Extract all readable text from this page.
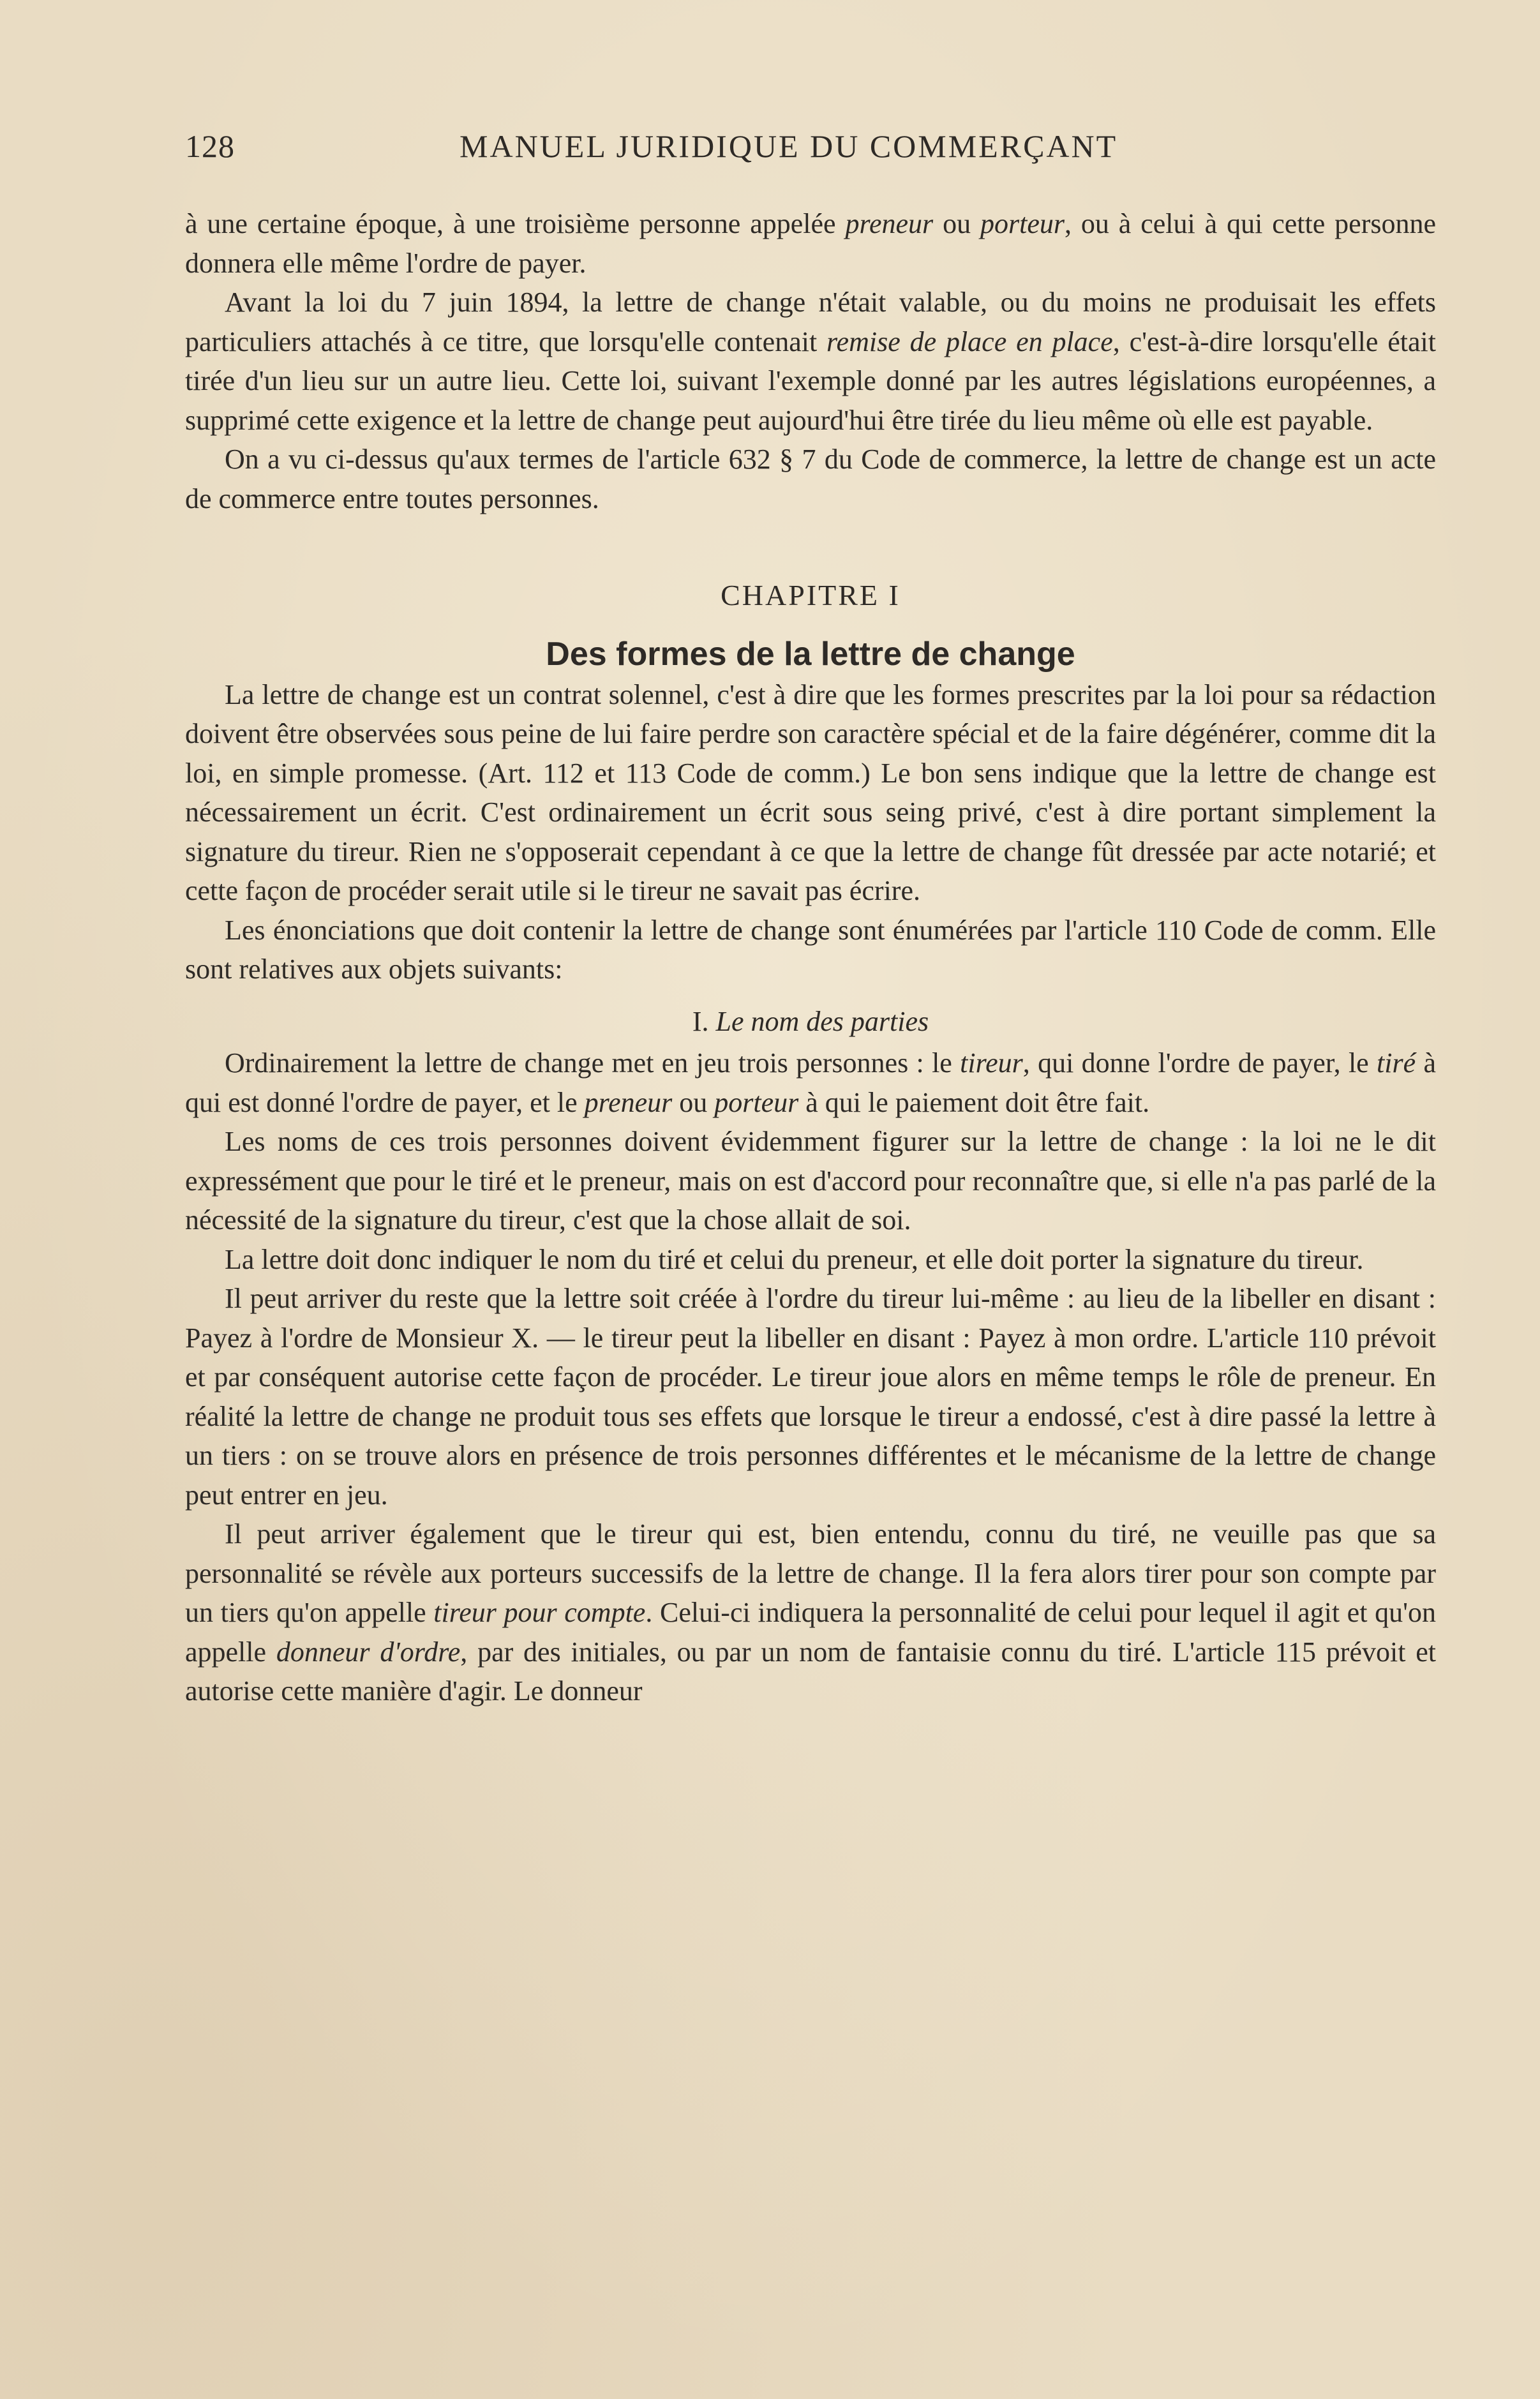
128	MANUEL JURIDIQUE DU COMMERÇANT

à une certaine époque, à une troisième personne appelée preneur ou porteur, ou à celui à qui cette personne donnera elle même l'ordre de payer.

Avant la loi du 7 juin 1894, la lettre de change n'était valable, ou du moins ne produisait les effets particuliers attachés à ce titre, que lorsqu'elle contenait remise de place en place, c'est-à-dire lorsqu'elle était tirée d'un lieu sur un autre lieu. Cette loi, suivant l'exemple donné par les autres législations européennes, a supprimé cette exigence et la lettre de change peut aujourd'hui être tirée du lieu même où elle est payable.

On a vu ci-dessus qu'aux termes de l'article 632 § 7 du Code de commerce, la lettre de change est un acte de commerce entre toutes personnes.

CHAPITRE I

Des formes de la lettre de change

La lettre de change est un contrat solennel, c'est à dire que les formes prescrites par la loi pour sa rédaction doivent être observées sous peine de lui faire perdre son caractère spécial et de la faire dégénérer, comme dit la loi, en simple promesse. (Art. 112 et 113 Code de comm.) Le bon sens indique que la lettre de change est nécessairement un écrit. C'est ordinairement un écrit sous seing privé, c'est à dire portant simplement la signature du tireur. Rien ne s'opposerait cependant à ce que la lettre de change fût dressée par acte notarié; et cette façon de procéder serait utile si le tireur ne savait pas écrire.

Les énonciations que doit contenir la lettre de change sont énumérées par l'article 110 Code de comm. Elle sont relatives aux objets suivants:

I. Le nom des parties

Ordinairement la lettre de change met en jeu trois personnes : le tireur, qui donne l'ordre de payer, le tiré à qui est donné l'ordre de payer, et le preneur ou porteur à qui le paiement doit être fait.

Les noms de ces trois personnes doivent évidemment figurer sur la lettre de change : la loi ne le dit expressément que pour le tiré et le preneur, mais on est d'accord pour reconnaître que, si elle n'a pas parlé de la nécessité de la signature du tireur, c'est que la chose allait de soi.

La lettre doit donc indiquer le nom du tiré et celui du preneur, et elle doit porter la signature du tireur.

Il peut arriver du reste que la lettre soit créée à l'ordre du tireur lui-même : au lieu de la libeller en disant : Payez à l'ordre de Monsieur X. — le tireur peut la libeller en disant : Payez à mon ordre. L'article 110 prévoit et par conséquent autorise cette façon de procéder. Le tireur joue alors en même temps le rôle de preneur. En réalité la lettre de change ne produit tous ses effets que lorsque le tireur a endossé, c'est à dire passé la lettre à un tiers : on se trouve alors en présence de trois personnes différentes et le mécanisme de la lettre de change peut entrer en jeu.

Il peut arriver également que le tireur qui est, bien entendu, connu du tiré, ne veuille pas que sa personnalité se révèle aux porteurs successifs de la lettre de change. Il la fera alors tirer pour son compte par un tiers qu'on appelle tireur pour compte. Celui-ci indiquera la personnalité de celui pour lequel il agit et qu'on appelle donneur d'ordre, par des initiales, ou par un nom de fantaisie connu du tiré. L'article 115 prévoit et autorise cette manière d'agir. Le donneur
